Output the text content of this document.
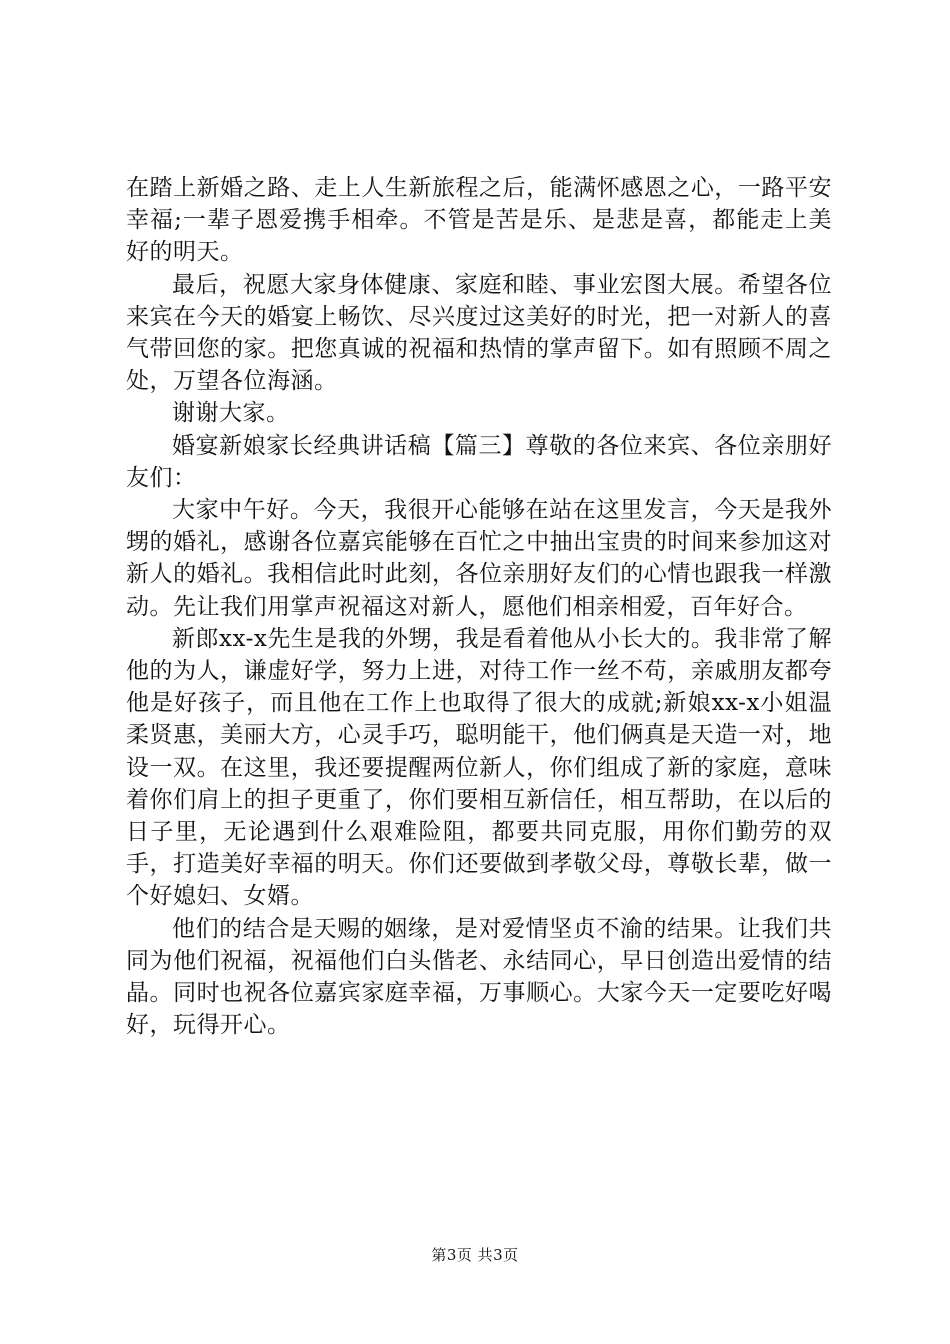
在踏上新婚之路、走上人生新旅程之后，能满怀感恩之心，一路平安幸福;一辈子恩爱携手相牵。不管是苦是乐、是悲是喜，都能走上美好的明天。

最后，祝愿大家身体健康、家庭和睦、事业宏图大展。希望各位来宾在今天的婚宴上畅饮、尽兴度过这美好的时光，把一对新人的喜气带回您的家。把您真诚的祝福和热情的掌声留下。如有照顾不周之处，万望各位海涵。

谢谢大家。

婚宴新娘家长经典讲话稿【篇三】尊敬的各位来宾、各位亲朋好友们：

大家中午好。今天，我很开心能够在站在这里发言，今天是我外甥的婚礼，感谢各位嘉宾能够在百忙之中抽出宝贵的时间来参加这对新人的婚礼。我相信此时此刻，各位亲朋好友们的心情也跟我一样激动。先让我们用掌声祝福这对新人，愿他们相亲相爱，百年好合。

新郎xx-x先生是我的外甥，我是看着他从小长大的。我非常了解他的为人，谦虚好学，努力上进，对待工作一丝不苟，亲戚朋友都夸他是好孩子，而且他在工作上也取得了很大的成就;新娘xx-x小姐温柔贤惠，美丽大方，心灵手巧，聪明能干，他们俩真是天造一对，地设一双。在这里，我还要提醒两位新人，你们组成了新的家庭，意味着你们肩上的担子更重了，你们要相互新信任，相互帮助，在以后的日子里，无论遇到什么艰难险阻，都要共同克服，用你们勤劳的双手，打造美好幸福的明天。你们还要做到孝敬父母，尊敬长辈，做一个好媳妇、女婿。

他们的结合是天赐的姻缘，是对爱情坚贞不渝的结果。让我们共同为他们祝福，祝福他们白头偕老、永结同心，早日创造出爱情的结晶。同时也祝各位嘉宾家庭幸福，万事顺心。大家今天一定要吃好喝好，玩得开心。

第3页 共3页
